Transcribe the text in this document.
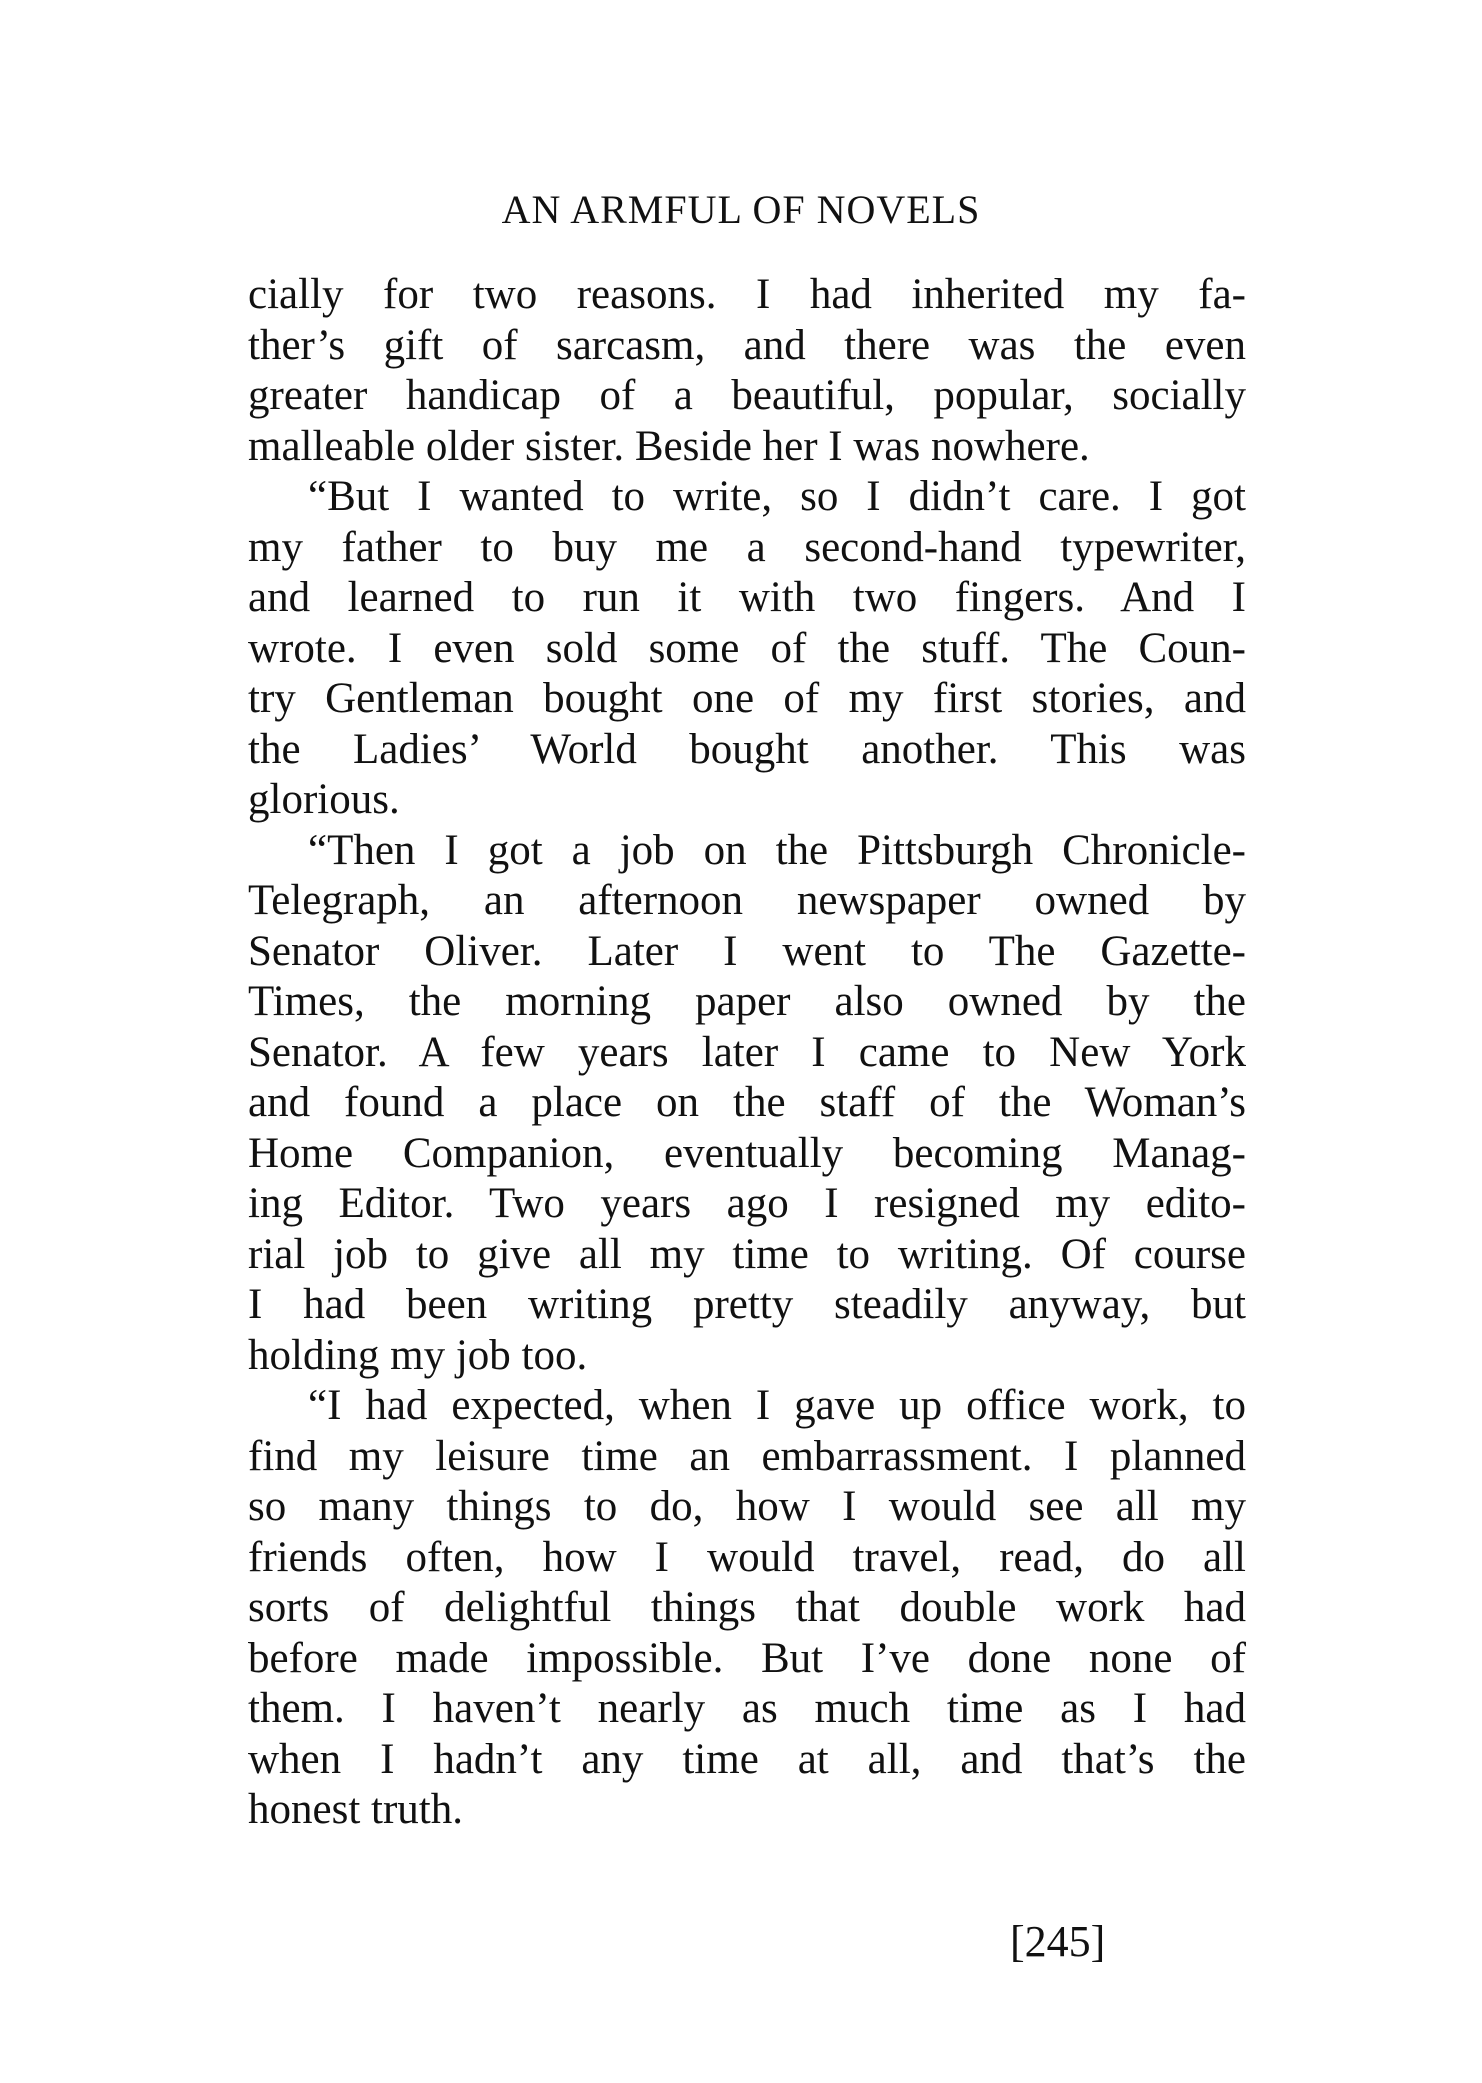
AN ARMFUL OF NOVELS

cially for two reasons. I had inherited my fa-
ther’s gift of sarcasm, and there was the even
greater handicap of a beautiful, popular, socially
malleable older sister. Beside her I was nowhere.

“But I wanted to write, so I didn’t care. I got
my father to buy me a second-hand typewriter,
and learned to run it with two fingers. And I
wrote. I even sold some of the stuff. The Coun-
try Gentleman bought one of my first stories, and
the Ladies’ World bought another. This was
glorious.

“Then I got a job on the Pittsburgh Chronicle-
Telegraph, an afternoon newspaper owned by
Senator Oliver. Later I went to The Gazette-
Times, the morning paper also owned by the
Senator. A few years later I came to New York
and found a place on the staff of the Woman’s
Home Companion, eventually becoming Manag-
ing Editor. Two years ago I resigned my edito-
rial job to give all my time to writing. Of course
I had been writing pretty steadily anyway, but
holding my job too.

“I had expected, when I gave up office work, to
find my leisure time an embarrassment. I planned
so many things to do, how I would see all my
friends often, how I would travel, read, do all
sorts of delightful things that double work had
before made impossible. But I’ve done none of
them. I haven’t nearly as much time as I had
when I hadn’t any time at all, and that’s the
honest truth.

[245]
